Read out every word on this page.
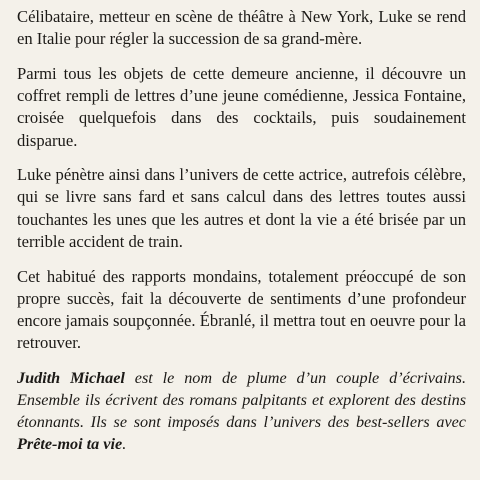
Célibataire, metteur en scène de théâtre à New York, Luke se rend en Italie pour régler la succession de sa grand-mère.

Parmi tous les objets de cette demeure ancienne, il découvre un coffret rempli de lettres d’une jeune comédienne, Jessica Fontaine, croisée quelquefois dans des cocktails, puis soudainement disparue.

Luke pénètre ainsi dans l’univers de cette actrice, autrefois célèbre, qui se livre sans fard et sans calcul dans des lettres toutes aussi touchantes les unes que les autres et dont la vie a été brisée par un terrible accident de train.

Cet habitué des rapports mondains, totalement préoccupé de son propre succès, fait la découverte de sentiments d’une profondeur encore jamais soupçonnée. Ébranlé, il mettra tout en oeuvre pour la retrouver.

Judith Michael est le nom de plume d’un couple d’écrivains. Ensemble ils écrivent des romans palpitants et explorent des destins étonnants. Ils se sont imposés dans l’univers des best-sellers avec Prête-moi ta vie.
